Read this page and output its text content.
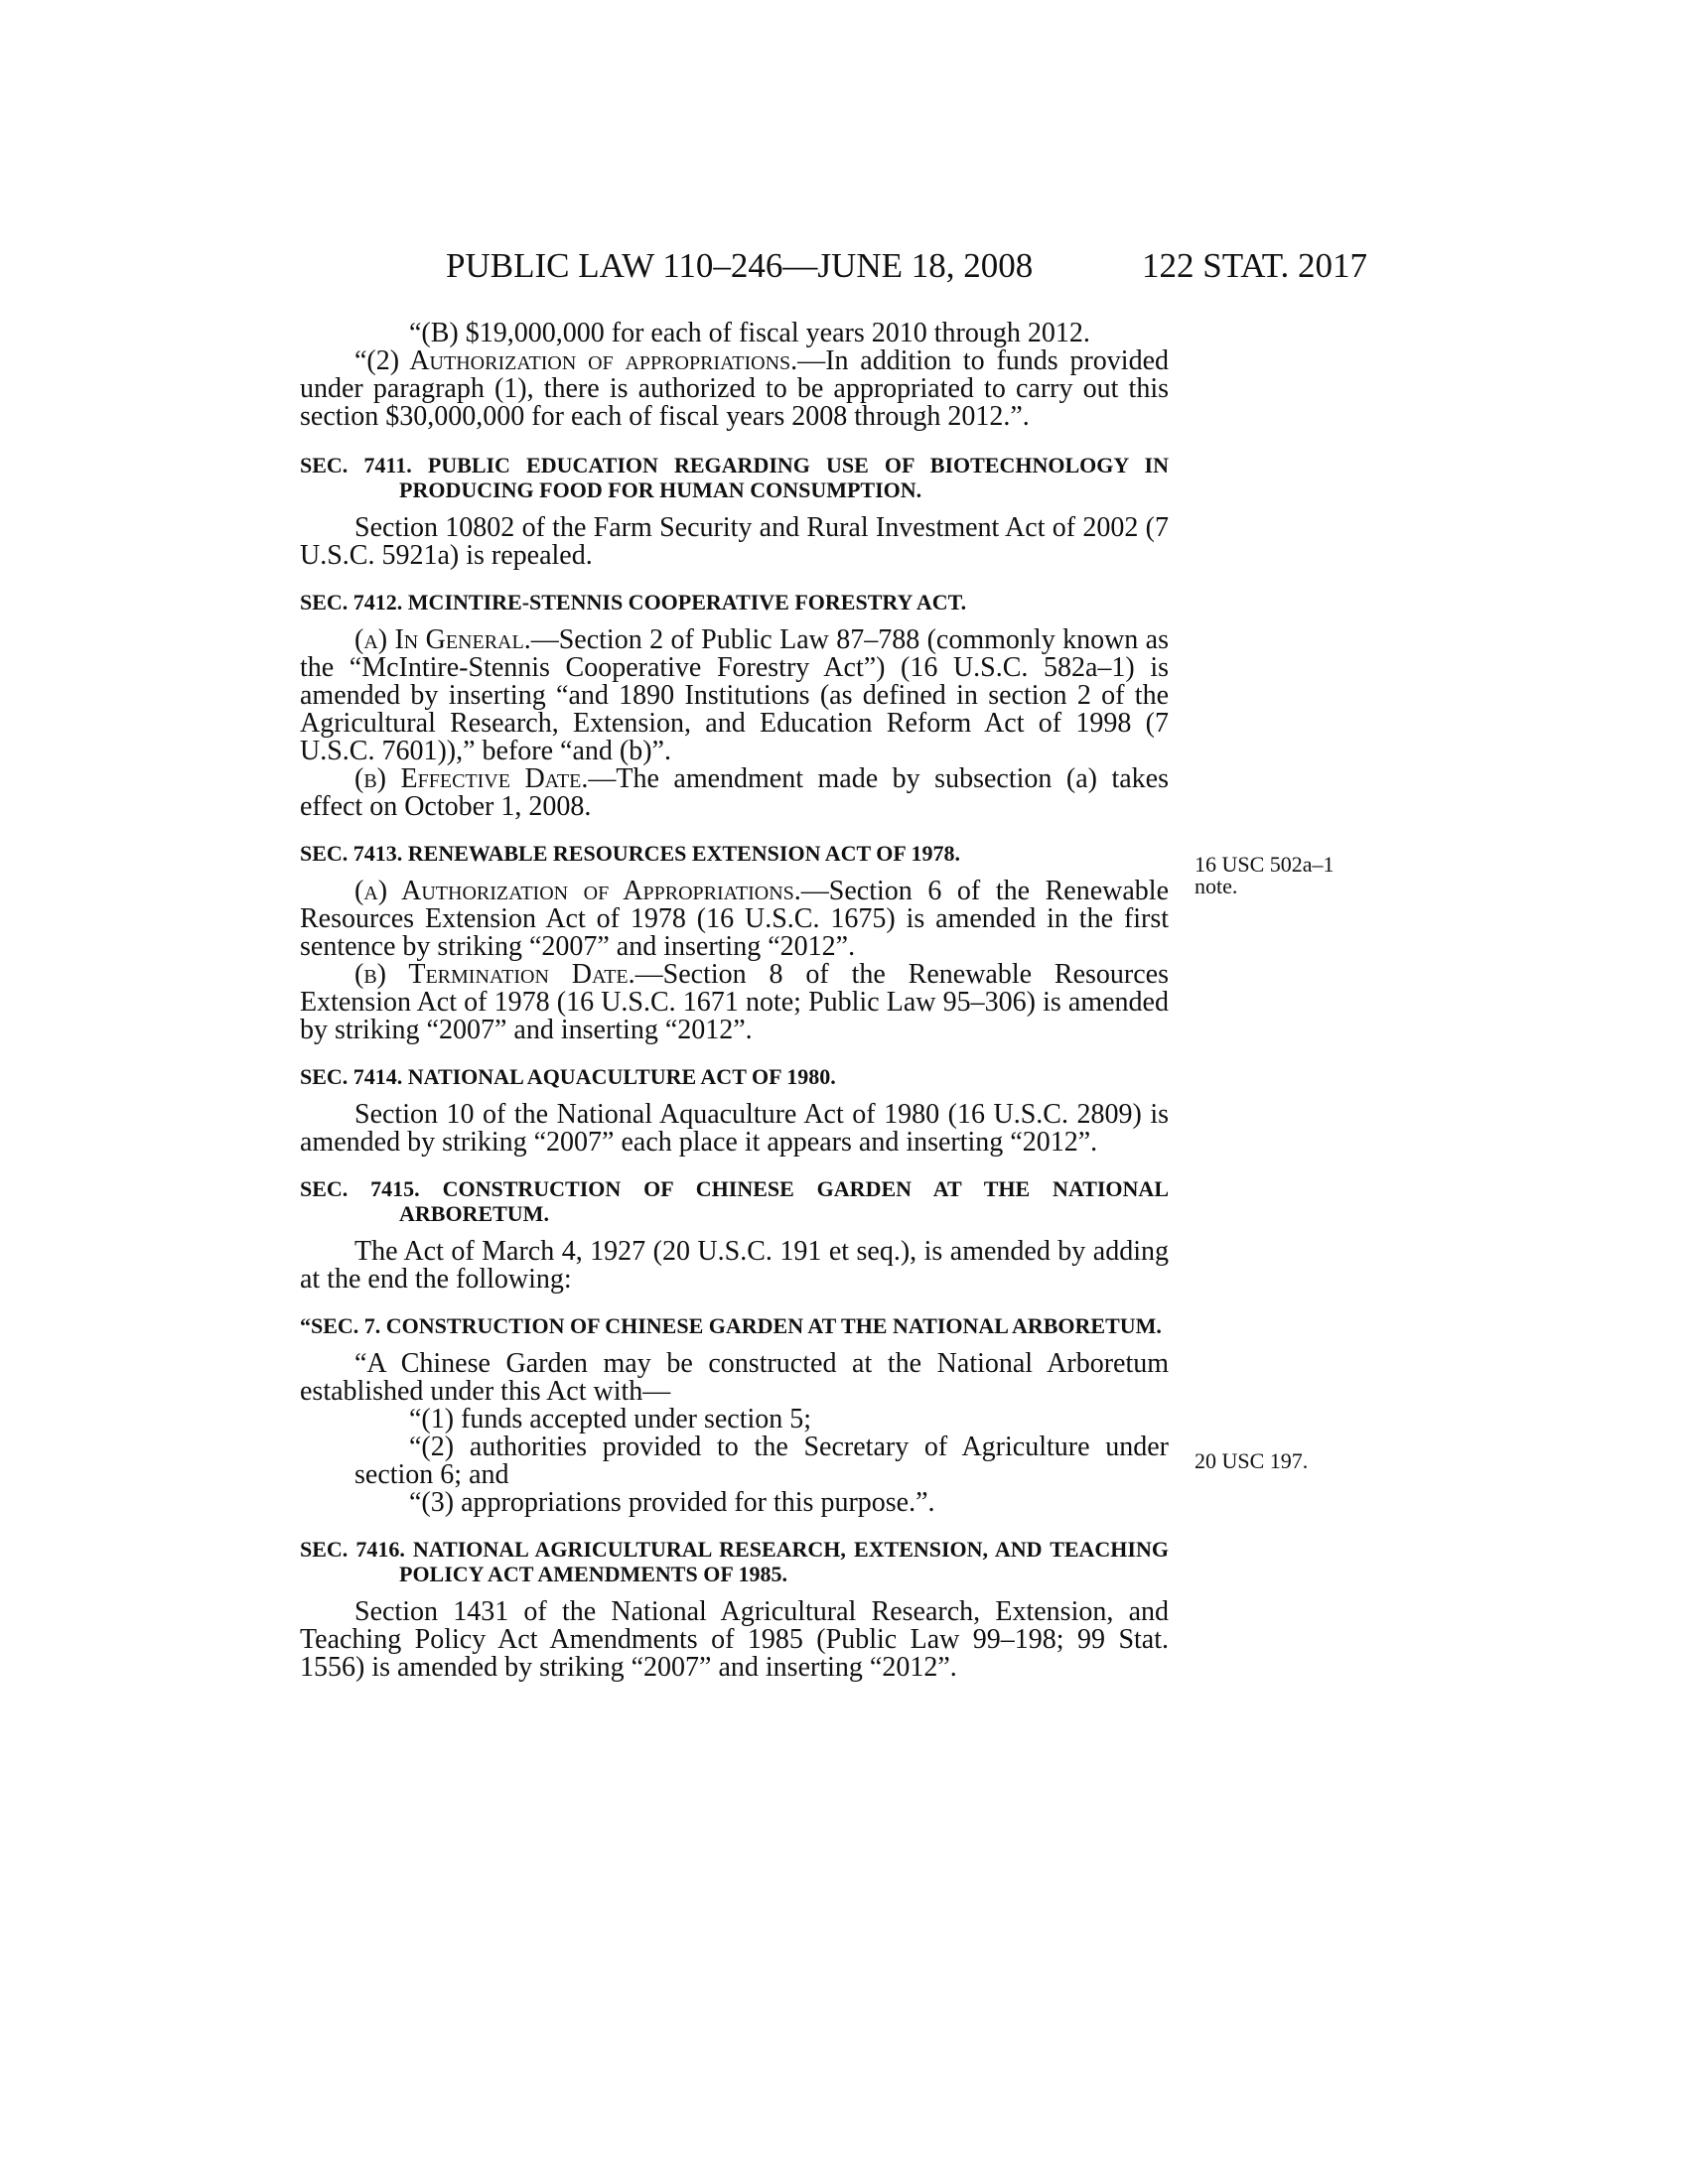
PUBLIC LAW 110–246—JUNE 18, 2008	122 STAT. 2017

“(B) $19,000,000 for each of fiscal years 2010 through 2012.

“(2) Authorization of appropriations.—In addition to funds provided under paragraph (1), there is authorized to be appropriated to carry out this section $30,000,000 for each of fiscal years 2008 through 2012.”.

SEC. 7411. PUBLIC EDUCATION REGARDING USE OF BIOTECHNOLOGY IN PRODUCING FOOD FOR HUMAN CONSUMPTION.

Section 10802 of the Farm Security and Rural Investment Act of 2002 (7 U.S.C. 5921a) is repealed.

SEC. 7412. MCINTIRE-STENNIS COOPERATIVE FORESTRY ACT.

(a) In General.—Section 2 of Public Law 87–788 (commonly known as the “McIntire-Stennis Cooperative Forestry Act”) (16 U.S.C. 582a–1) is amended by inserting “and 1890 Institutions (as defined in section 2 of the Agricultural Research, Extension, and Education Reform Act of 1998 (7 U.S.C. 7601)),” before “and (b)”.

(b) Effective Date.—The amendment made by subsection (a) takes effect on October 1, 2008.

SEC. 7413. RENEWABLE RESOURCES EXTENSION ACT OF 1978.

(a) Authorization of Appropriations.—Section 6 of the Renewable Resources Extension Act of 1978 (16 U.S.C. 1675) is amended in the first sentence by striking “2007” and inserting “2012”.

(b) Termination Date.—Section 8 of the Renewable Resources Extension Act of 1978 (16 U.S.C. 1671 note; Public Law 95–306) is amended by striking “2007” and inserting “2012”.

SEC. 7414. NATIONAL AQUACULTURE ACT OF 1980.

Section 10 of the National Aquaculture Act of 1980 (16 U.S.C. 2809) is amended by striking “2007” each place it appears and inserting “2012”.

SEC. 7415. CONSTRUCTION OF CHINESE GARDEN AT THE NATIONAL ARBORETUM.

The Act of March 4, 1927 (20 U.S.C. 191 et seq.), is amended by adding at the end the following:

“SEC. 7. CONSTRUCTION OF CHINESE GARDEN AT THE NATIONAL ARBORETUM.

“A Chinese Garden may be constructed at the National Arboretum established under this Act with—

“(1) funds accepted under section 5;

“(2) authorities provided to the Secretary of Agriculture under section 6; and

“(3) appropriations provided for this purpose.”.

SEC. 7416. NATIONAL AGRICULTURAL RESEARCH, EXTENSION, AND TEACHING POLICY ACT AMENDMENTS OF 1985.

Section 1431 of the National Agricultural Research, Extension, and Teaching Policy Act Amendments of 1985 (Public Law 99–198; 99 Stat. 1556) is amended by striking “2007” and inserting “2012”.

16 USC 502a–1
note.
20 USC 197.
